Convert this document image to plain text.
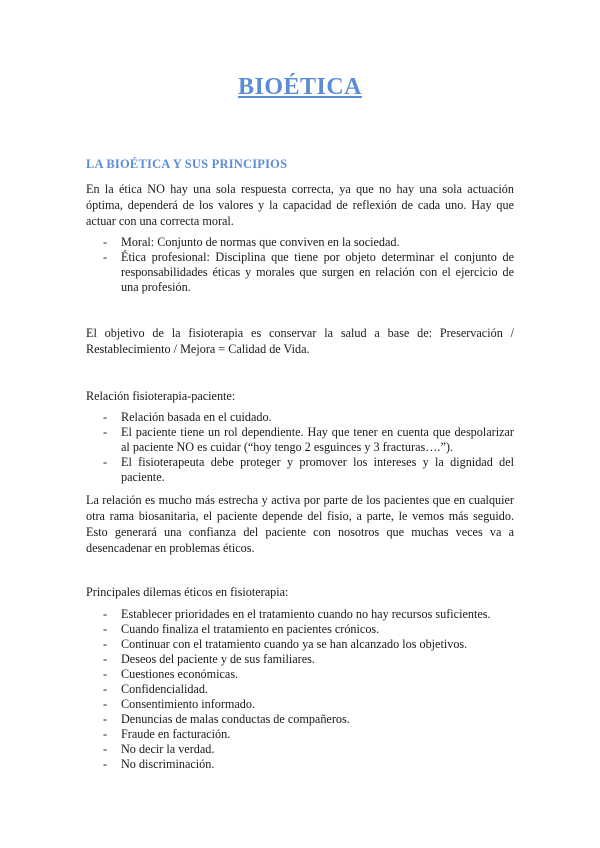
BIOÉTICA
LA BIOÉTICA Y SUS PRINCIPIOS

En la ética NO hay una sola respuesta correcta, ya que no hay una sola actuación óptima, dependerá de los valores y la capacidad de reflexión de cada uno. Hay que actuar con una correcta moral.

- Moral: Conjunto de normas que conviven en la sociedad.
- Ética profesional: Disciplina que tiene por objeto determinar el conjunto de responsabilidades éticas y morales que surgen en relación con el ejercicio de una profesión.

El objetivo de la fisioterapia es conservar la salud a base de: Preservación / Restablecimiento / Mejora = Calidad de Vida.

Relación fisioterapia-paciente:

- Relación basada en el cuidado.
- El paciente tiene un rol dependiente. Hay que tener en cuenta que despolarizar al paciente NO es cuidar (“hoy tengo 2 esguinces y 3 fracturas….”).
- El fisioterapeuta debe proteger y promover los intereses y la dignidad del paciente.

La relación es mucho más estrecha y activa por parte de los pacientes que en cualquier otra rama biosanitaria, el paciente depende del fisio, a parte, le vemos más seguido. Esto generará una confianza del paciente con nosotros que muchas veces va a desencadenar en problemas éticos.

Principales dilemas éticos en fisioterapia:

- Establecer prioridades en el tratamiento cuando no hay recursos suficientes.
- Cuando finaliza el tratamiento en pacientes crónicos.
- Continuar con el tratamiento cuando ya se han alcanzado los objetivos.
- Deseos del paciente y de sus familiares.
- Cuestiones económicas.
- Confidencialidad.
- Consentimiento informado.
- Denuncias de malas conductas de compañeros.
- Fraude en facturación.
- No decir la verdad.
- No discriminación.
